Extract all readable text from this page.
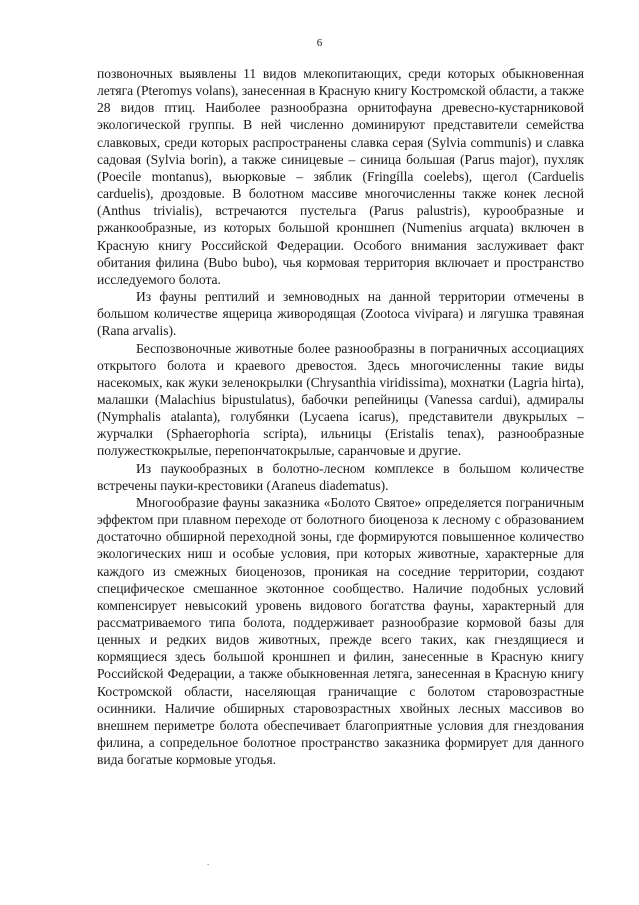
6

позвоночных выявлены 11 видов млекопитающих, среди которых обыкновенная летяга (Pteromys volans), занесенная в Красную книгу Костромской области, а также 28 видов птиц. Наиболее разнообразна орнитофауна древесно-кустарниковой экологической группы. В ней численно доминируют представители семейства славковых, среди которых распространены славка серая (Sylvia communis) и славка садовая (Sylvia borin), а также синицевые – синица большая (Parus major), пухляк (Poecile montanus), вьюрковые – зяблик (Fringílla coelebs), щегол (Carduelis carduelis), дроздовые. В болотном массиве многочисленны также конек лесной (Anthus trivialis), встречаются пустельга (Parus palustris), курообразные и ржанкообразные, из которых большой кроншнеп (Numenius arquata) включен в Красную книгу Российской Федерации. Особого внимания заслуживает факт обитания филина (Bubo bubo), чья кормовая территория включает и пространство исследуемого болота.

Из фауны рептилий и земноводных на данной территории отмечены в большом количестве ящерица живородящая (Zootoca vivipara) и лягушка травяная (Rana arvalis).

Беспозвоночные животные более разнообразны в пограничных ассоциациях открытого болота и краевого древостоя. Здесь многочисленны такие виды насекомых, как жуки зеленокрылки (Chrysanthia viridissima), мохнатки (Lagria hirta), малашки (Malachius bipustulatus), бабочки репейницы (Vanessa cardui), адмиралы (Nymphalis atalanta), голубянки (Lycaena icarus), представители двукрылых – журчалки (Sphaerophoria scripta), ильницы (Eristalis tenax), разнообразные полужесткокрылые, перепончатокрылые, саранчовые и другие.

Из паукообразных в болотно-лесном комплексе в большом количестве встречены пауки-крестовики (Araneus diadematus).

Многообразие фауны заказника «Болото Святое» определяется пограничным эффектом при плавном переходе от болотного биоценоза к лесному с образованием достаточно обширной переходной зоны, где формируются повышенное количество экологических ниш и особые условия, при которых животные, характерные для каждого из смежных биоценозов, проникая на соседние территории, создают специфическое смешанное экотонное сообщество. Наличие подобных условий компенсирует невысокий уровень видового богатства фауны, характерный для рассматриваемого типа болота, поддерживает разнообразие кормовой базы для ценных и редких видов животных, прежде всего таких, как гнездящиеся и кормящиеся здесь большой кроншнеп и филин, занесенные в Красную книгу Российской Федерации, а также обыкновенная летяга, занесенная в Красную книгу Костромской области, населяющая граничащие с болотом старовозрастные осинники. Наличие обширных старовозрастных хвойных лесных массивов во внешнем периметре болота обеспечивает благоприятные условия для гнездования филина, а сопредельное болотное пространство заказника формирует для данного вида богатые кормовые угодья.

.
